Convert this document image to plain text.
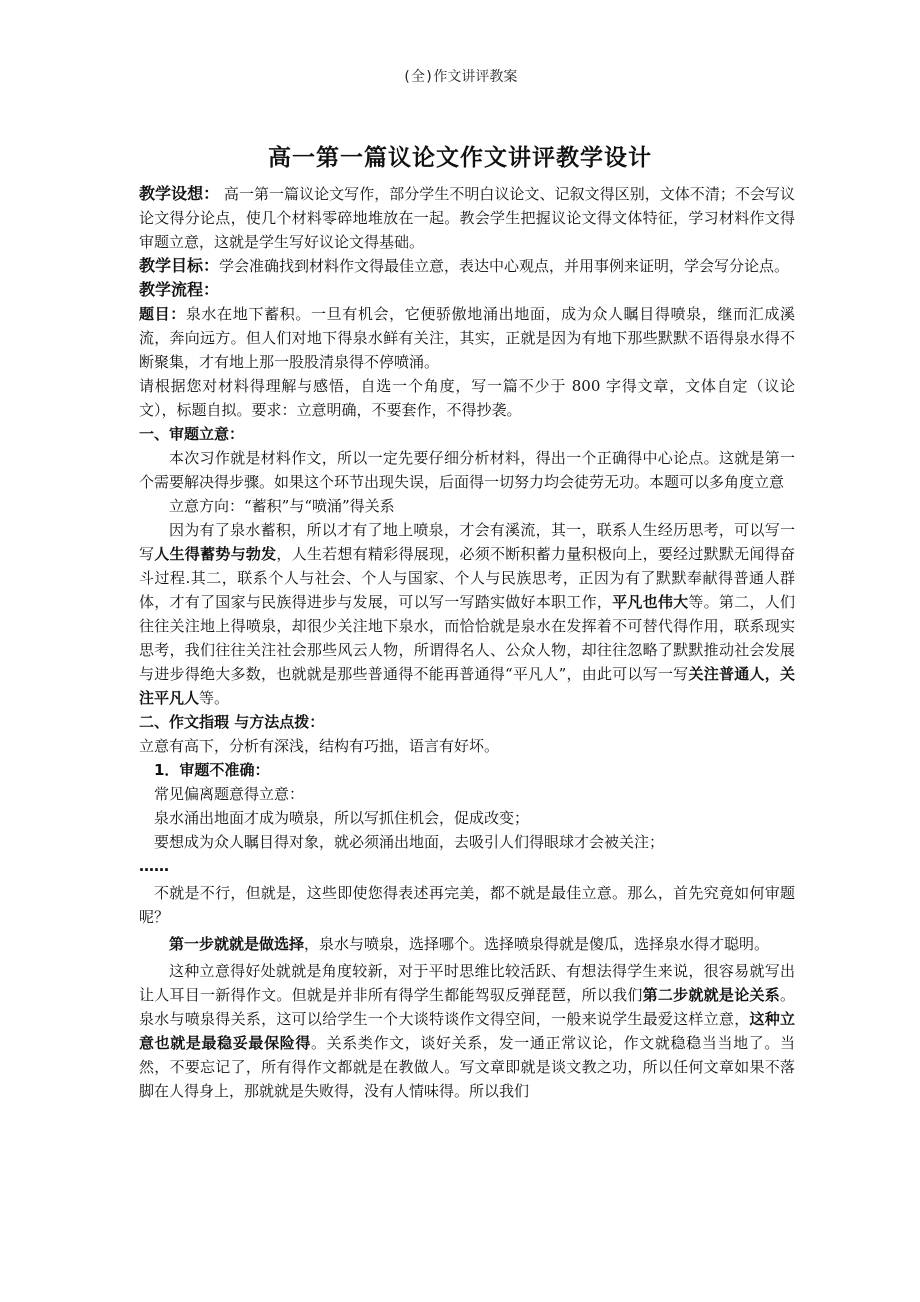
(全)作文讲评教案
高一第一篇议论文作文讲评教学设计

教学设想： 高一第一篇议论文写作，部分学生不明白议论文、记叙文得区别，文体不清；不会写议论文得分论点，使几个材料零碎地堆放在一起。教会学生把握议论文得文体特征，学习材料作文得审题立意，这就是学生写好议论文得基础。

教学目标：学会准确找到材料作文得最佳立意，表达中心观点，并用事例来证明，学会写分论点。

教学流程：

题目：泉水在地下蓄积。一旦有机会，它便骄傲地涌出地面，成为众人瞩目得喷泉，继而汇成溪流，奔向远方。但人们对地下得泉水鲜有关注，其实，正就是因为有地下那些默默不语得泉水得不断聚集，才有地上那一股股清泉得不停喷涌。

请根据您对材料得理解与感悟，自选一个角度，写一篇不少于 800 字得文章，文体自定（议论文），标题自拟。要求：立意明确，不要套作，不得抄袭。

一、审题立意：

本次习作就是材料作文，所以一定先要仔细分析材料，得出一个正确得中心论点。这就是第一个需要解决得步骤。如果这个环节出现失误，后面得一切努力均会徒劳无功。本题可以多角度立意

立意方向：“蓄积”与“喷涌”得关系

因为有了泉水蓄积，所以才有了地上喷泉，才会有溪流，其一，联系人生经历思考，可以写一写人生得蓄势与勃发，人生若想有精彩得展现，必须不断积蓄力量积极向上，要经过默默无闻得奋斗过程.其二，联系个人与社会、个人与国家、个人与民族思考，正因为有了默默奉献得普通人群体，才有了国家与民族得进步与发展，可以写一写踏实做好本职工作，平凡也伟大等。第二，人们往往关注地上得喷泉，却很少关注地下泉水，而恰恰就是泉水在发挥着不可替代得作用，联系现实思考，我们往往关注社会那些风云人物，所谓得名人、公众人物，却往往忽略了默默推动社会发展与进步得绝大多数，也就就是那些普通得不能再普通得“平凡人”，由此可以写一写关注普通人，关注平凡人等。

二、作文指瑕 与方法点拨：

立意有高下，分析有深浅，结构有巧拙，语言有好坏。

1．审题不准确：

常见偏离题意得立意：

泉水涌出地面才成为喷泉，所以写抓住机会，促成改变；

要想成为众人瞩目得对象，就必须涌出地面，去吸引人们得眼球才会被关注；

……

不就是不行，但就是，这些即使您得表述再完美，都不就是最佳立意。那么，首先究竟如何审题呢？

第一步就就是做选择，泉水与喷泉，选择哪个。选择喷泉得就是傻瓜，选择泉水得才聪明。

这种立意得好处就就是角度较新，对于平时思维比较活跃、有想法得学生来说，很容易就写出让人耳目一新得作文。但就是并非所有得学生都能驾驭反弹琵琶，所以我们第二步就就是论关系。泉水与喷泉得关系，这可以给学生一个大谈特谈作文得空间，一般来说学生最爱这样立意，这种立意也就是最稳妥最保险得。关系类作文，谈好关系，发一通正常议论，作文就稳稳当当地了。当然，不要忘记了，所有得作文都就是在教做人。写文章即就是谈文教之功，所以任何文章如果不落脚在人得身上，那就就是失败得，没有人情味得。所以我们
